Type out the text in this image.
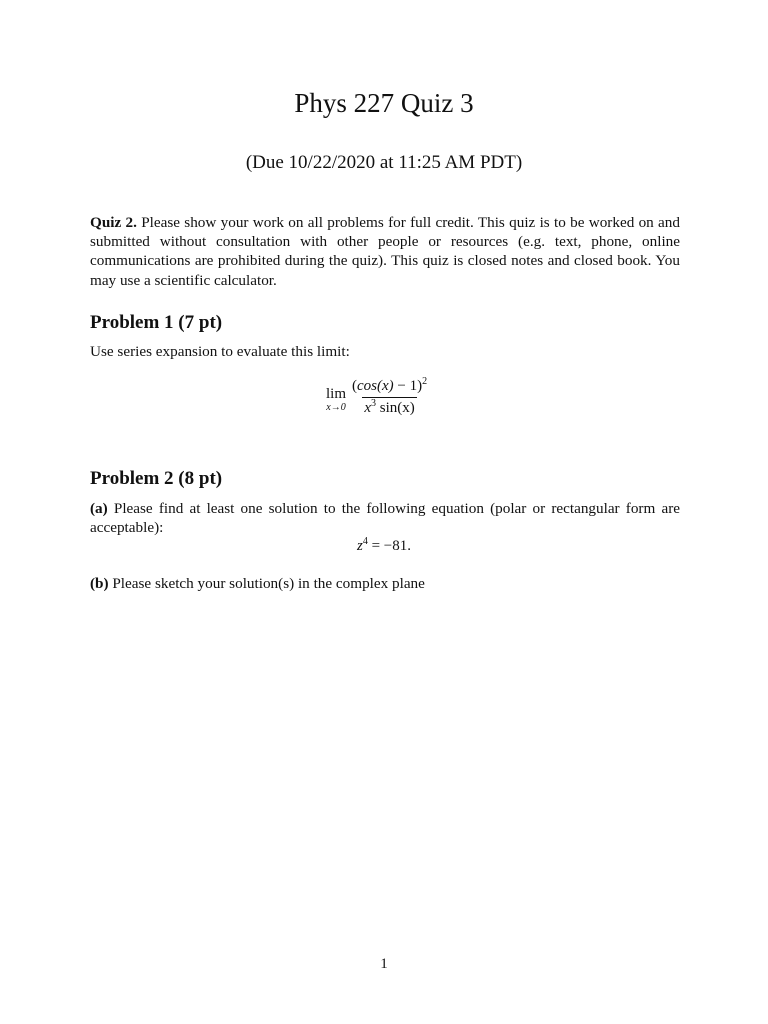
Phys 227 Quiz 3
(Due 10/22/2020 at 11:25 AM PDT)
Quiz 2. Please show your work on all problems for full credit. This quiz is to be worked on and submitted without consultation with other people or resources (e.g. text, phone, online communications are prohibited during the quiz). This quiz is closed notes and closed book. You may use a scientific calculator.
Problem 1 (7 pt)
Use series expansion to evaluate this limit:
lim
$x\to 0 \frac{(\cos(x) - 1)^2}{x^3 \sin(x)}$
Problem 2 (8 pt)
(a) Please find at least one solution to the following equation (polar or rectangular form are acceptable):
$z^4 = -81$.
(b) Please sketch your solution(s) in the complex plane
1
